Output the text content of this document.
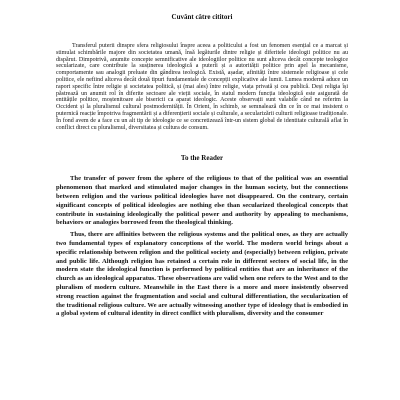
Cuvânt către cititori

Transferul puterii dinspre sfera religiosului înspre aceea a politicului a fost un fenomen esențial ce a marcat și stimulat schimbările majore din societatea umană, însă legăturile dintre religie și diferitele ideologii politice nu au dispărut. Dimpotrivă, anumite concepte semnificative ale ideologiilor politice nu sunt altceva decât concepte teologice secularizate, care contribuie la susținerea ideologică a puterii și a autorității politice prin apel la mecanisme, comportamente sau analogii preluate din gândirea teologică. Există, așadar, afinități între sistemele religioase și cele politice, ele nefiind altceva decât două tipuri fundamentale de concepții explicative ale lumii. Lumea modernă aduce un raport specific între religie și societatea politică, și (mai ales) între religie, viața privată și cea publică. Deși religia își păstrează un anumit rol în diferite sectoare ale vieții sociale, în statul modern funcția ideologică este asigurată de entitățile politice, moștenitoare ale bisericii ca aparat ideologic. Aceste observații sunt valabile când ne referim la Occident și la pluralismul cultural postmodernității. În Orient, în schimb, se semnalează din ce în ce mai insistent o puternică reacție împotriva fragmentării și a diferențierii sociale și culturale, a secularizării culturii religioase tradiționale. În fond avem de a face cu un alt tip de ideologie ce se concretizează într-un sistem global de identitate culturală aflat în conflict direct cu pluralismul, diversitatea și cultura de consum.

To the Reader

The transfer of power from the sphere of the religious to that of the political was an essential phenomenon that marked and stimulated major changes in the human society, but the connections between religion and the various political ideologies have not disappeared. On the contrary, certain significant concepts of political ideologies are nothing else than secularized theological concepts that contribute in sustaining ideologically the political power and authority by appealing to mechanisms, behaviors or analogies borrowed from the theological thinking.

Thus, there are affinities between the religious systems and the political ones, as they are actually two fundamental types of explanatory conceptions of the world. The modern world brings about a specific relationship between religion and the political society and (especially) between religion, private and public life. Although religion has retained a certain role in different sectors of social life, in the modern state the ideological function is performed by political entities that are an inheritance of the church as an ideological apparatus. These observations are valid when one refers to the West and to the pluralism of modern culture. Meanwhile in the East there is a more and more insistently observed strong reaction against the fragmentation and social and cultural differentiation, the secularization of the traditional religious culture. We are actually witnessing another type of ideology that is embodied in a global system of cultural identity in direct conflict with pluralism, diversity and the consumer
